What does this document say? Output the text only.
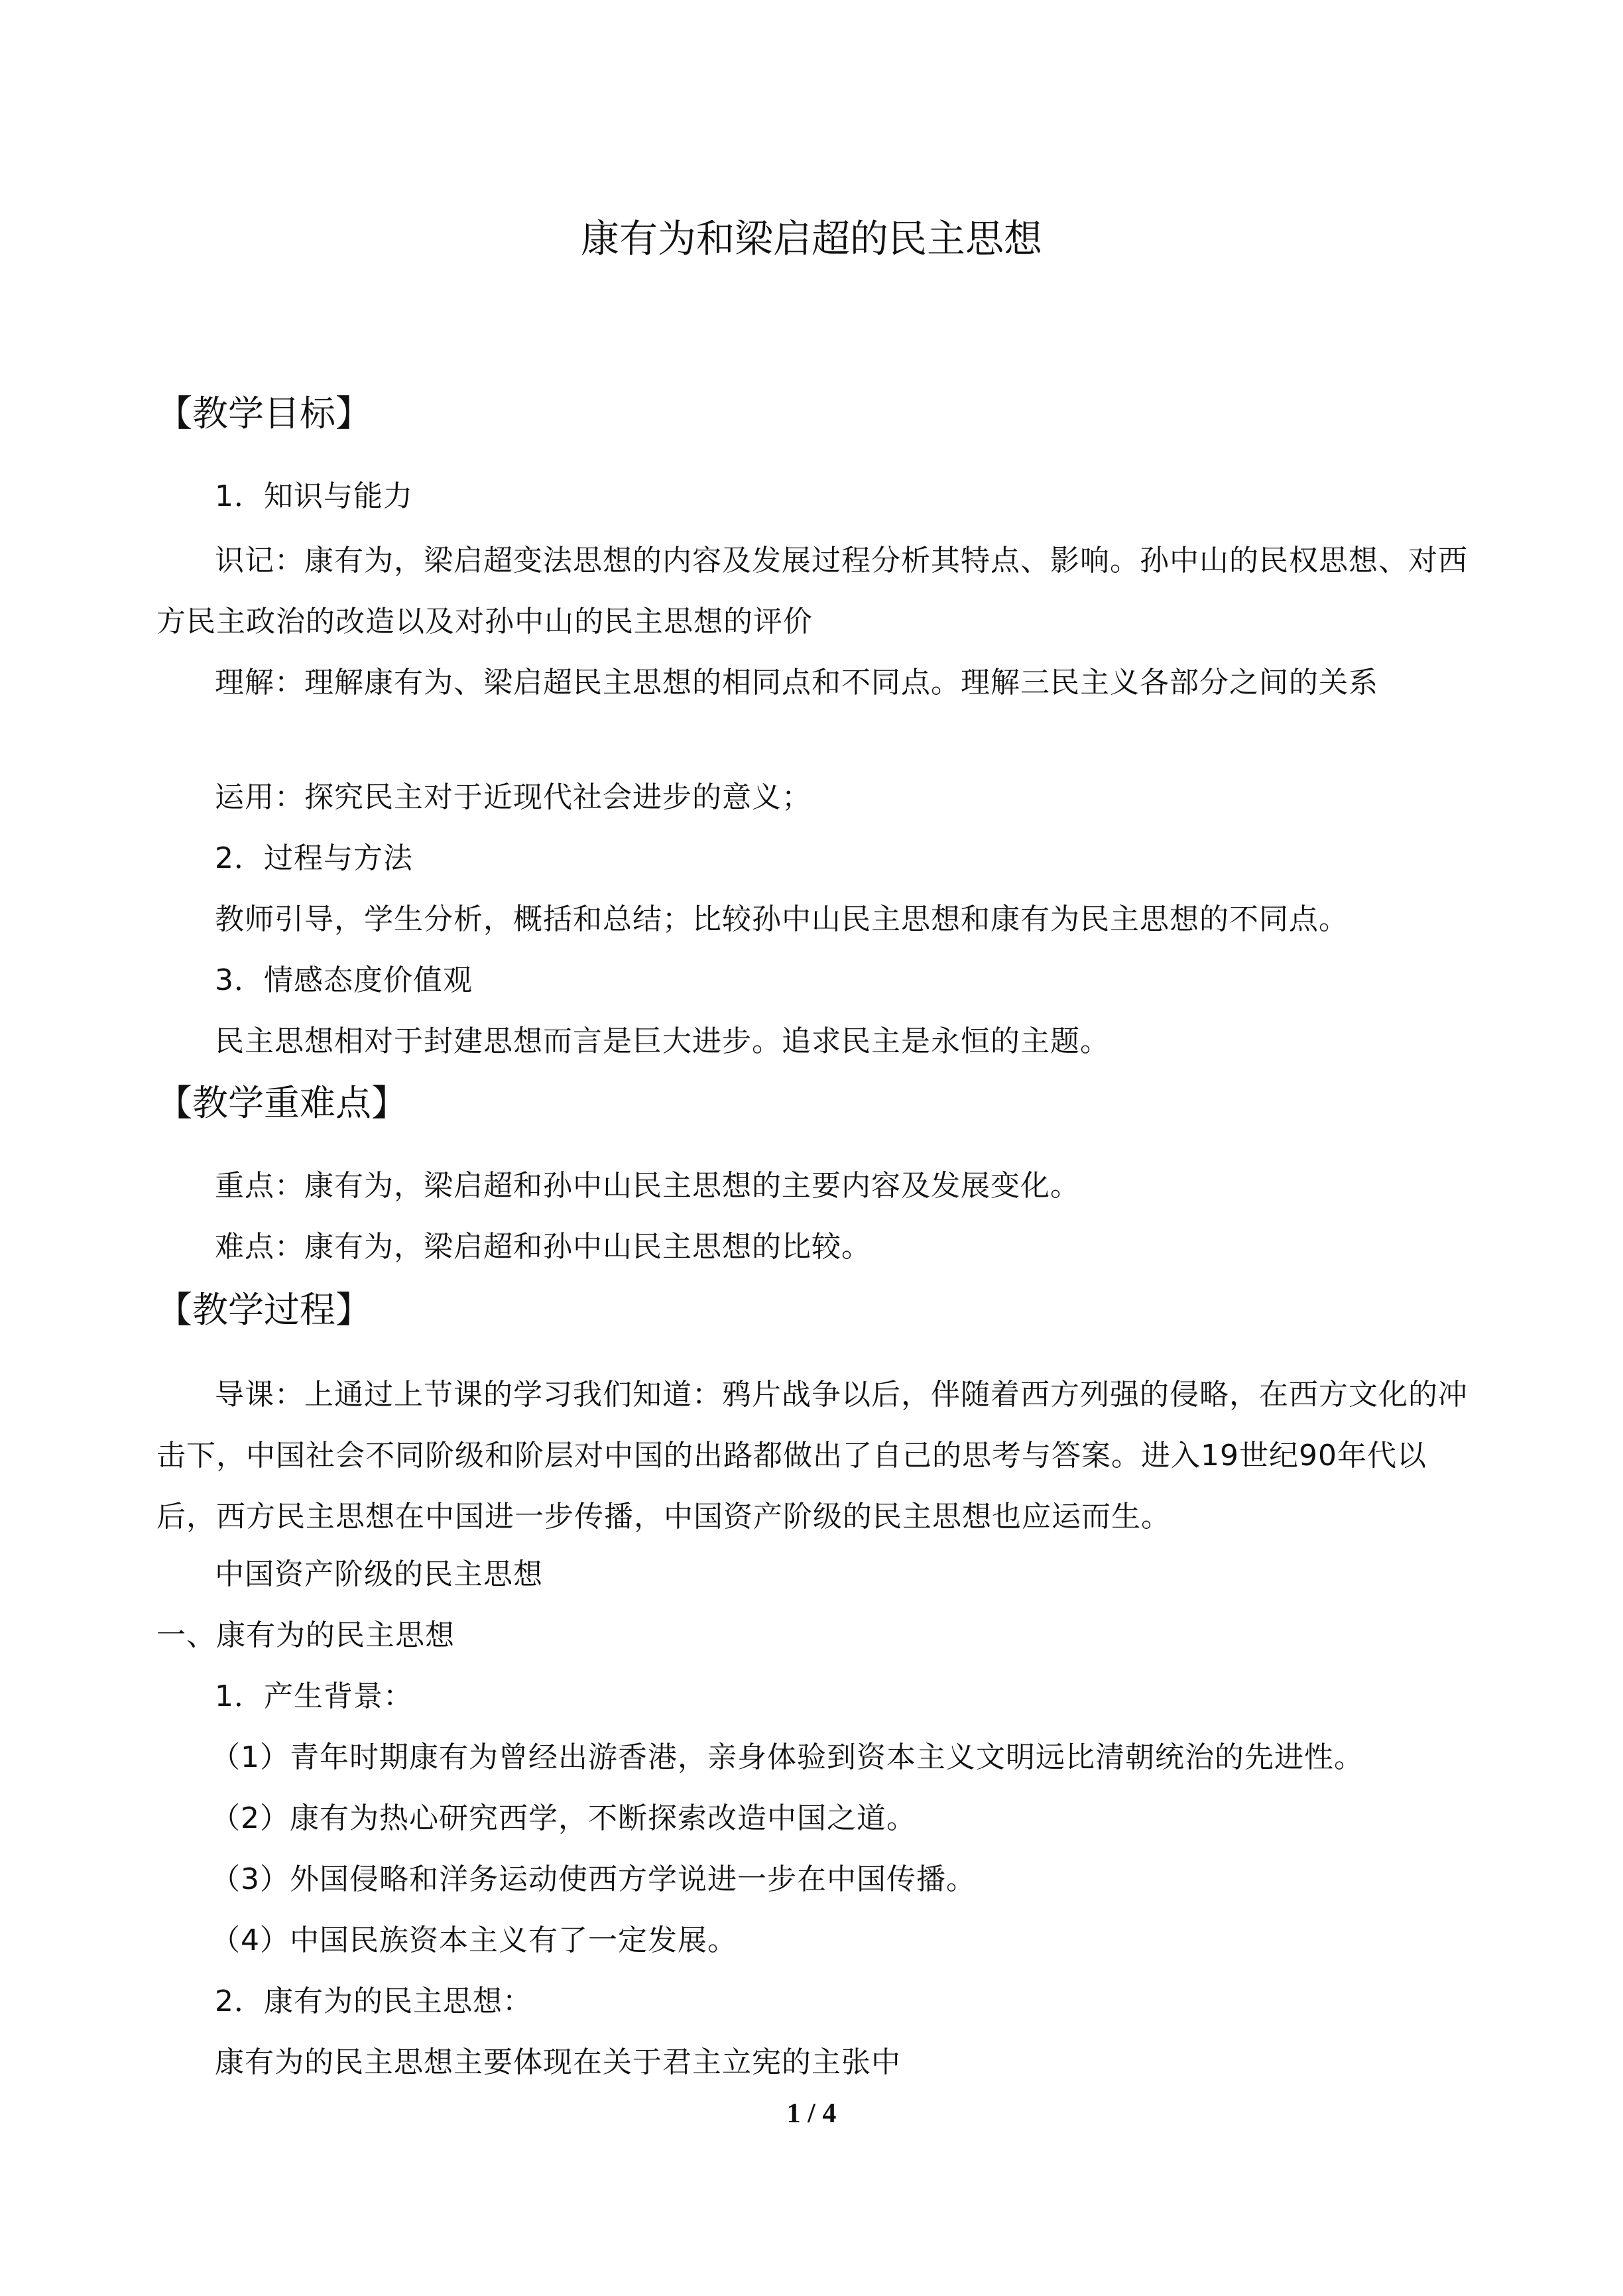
康有为和梁启超的民主思想
【教学目标】
1．知识与能力
识记：康有为，梁启超变法思想的内容及发展过程分析其特点、影响。孙中山的民权思想、对西方民主政治的改造以及对孙中山的民主思想的评价
理解：理解康有为、梁启超民主思想的相同点和不同点。理解三民主义各部分之间的关系
运用：探究民主对于近现代社会进步的意义；
2．过程与方法
教师引导，学生分析，概括和总结；比较孙中山民主思想和康有为民主思想的不同点。
3．情感态度价值观
民主思想相对于封建思想而言是巨大进步。追求民主是永恒的主题。
【教学重难点】
重点：康有为，梁启超和孙中山民主思想的主要内容及发展变化。
难点：康有为，梁启超和孙中山民主思想的比较。
【教学过程】
导课：上通过上节课的学习我们知道：鸦片战争以后，伴随着西方列强的侵略，在西方文化的冲击下，中国社会不同阶级和阶层对中国的出路都做出了自己的思考与答案。进入19世纪90年代以后，西方民主思想在中国进一步传播，中国资产阶级的民主思想也应运而生。
中国资产阶级的民主思想
一、康有为的民主思想
1．产生背景：
（1）青年时期康有为曾经出游香港，亲身体验到资本主义文明远比清朝统治的先进性。
（2）康有为热心研究西学，不断探索改造中国之道。
（3）外国侵略和洋务运动使西方学说进一步在中国传播。
（4）中国民族资本主义有了一定发展。
2．康有为的民主思想：
康有为的民主思想主要体现在关于君主立宪的主张中
1 / 4
